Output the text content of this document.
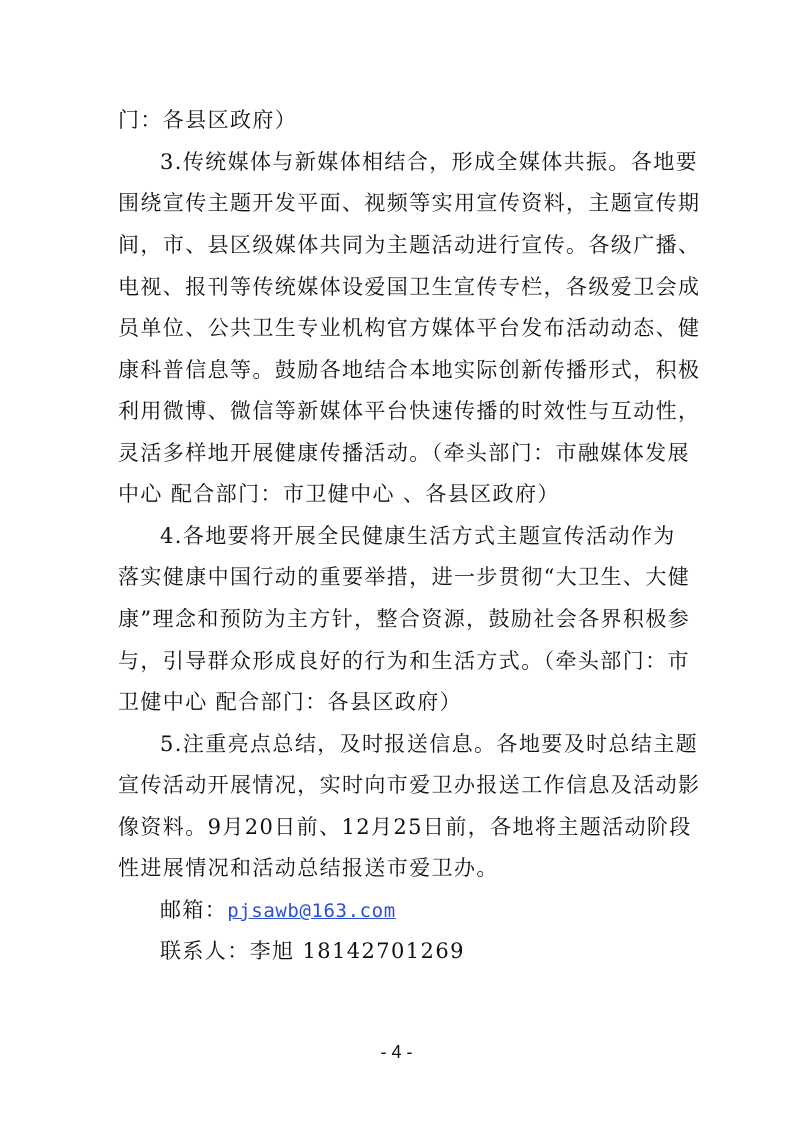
门：各县区政府）
3.传统媒体与新媒体相结合，形成全媒体共振。各地要
围绕宣传主题开发平面、视频等实用宣传资料，主题宣传期
间，市、县区级媒体共同为主题活动进行宣传。各级广播、
电视、报刊等传统媒体设爱国卫生宣传专栏，各级爱卫会成
员单位、公共卫生专业机构官方媒体平台发布活动动态、健
康科普信息等。鼓励各地结合本地实际创新传播形式，积极
利用微博、微信等新媒体平台快速传播的时效性与互动性，
灵活多样地开展健康传播活动。（牵头部门：市融媒体发展
中心 配合部门：市卫健中心 、各县区政府）
4.各地要将开展全民健康生活方式主题宣传活动作为
落实健康中国行动的重要举措，进一步贯彻“大卫生、大健
康”理念和预防为主方针，整合资源，鼓励社会各界积极参
与，引导群众形成良好的行为和生活方式。（牵头部门：市
卫健中心 配合部门：各县区政府）
5.注重亮点总结，及时报送信息。各地要及时总结主题
宣传活动开展情况，实时向市爱卫办报送工作信息及活动影
像资料。9月20日前、12月25日前，各地将主题活动阶段
性进展情况和活动总结报送市爱卫办。
邮箱：pjsawb@163.com
联系人：李旭 18142701269
- 4 -
